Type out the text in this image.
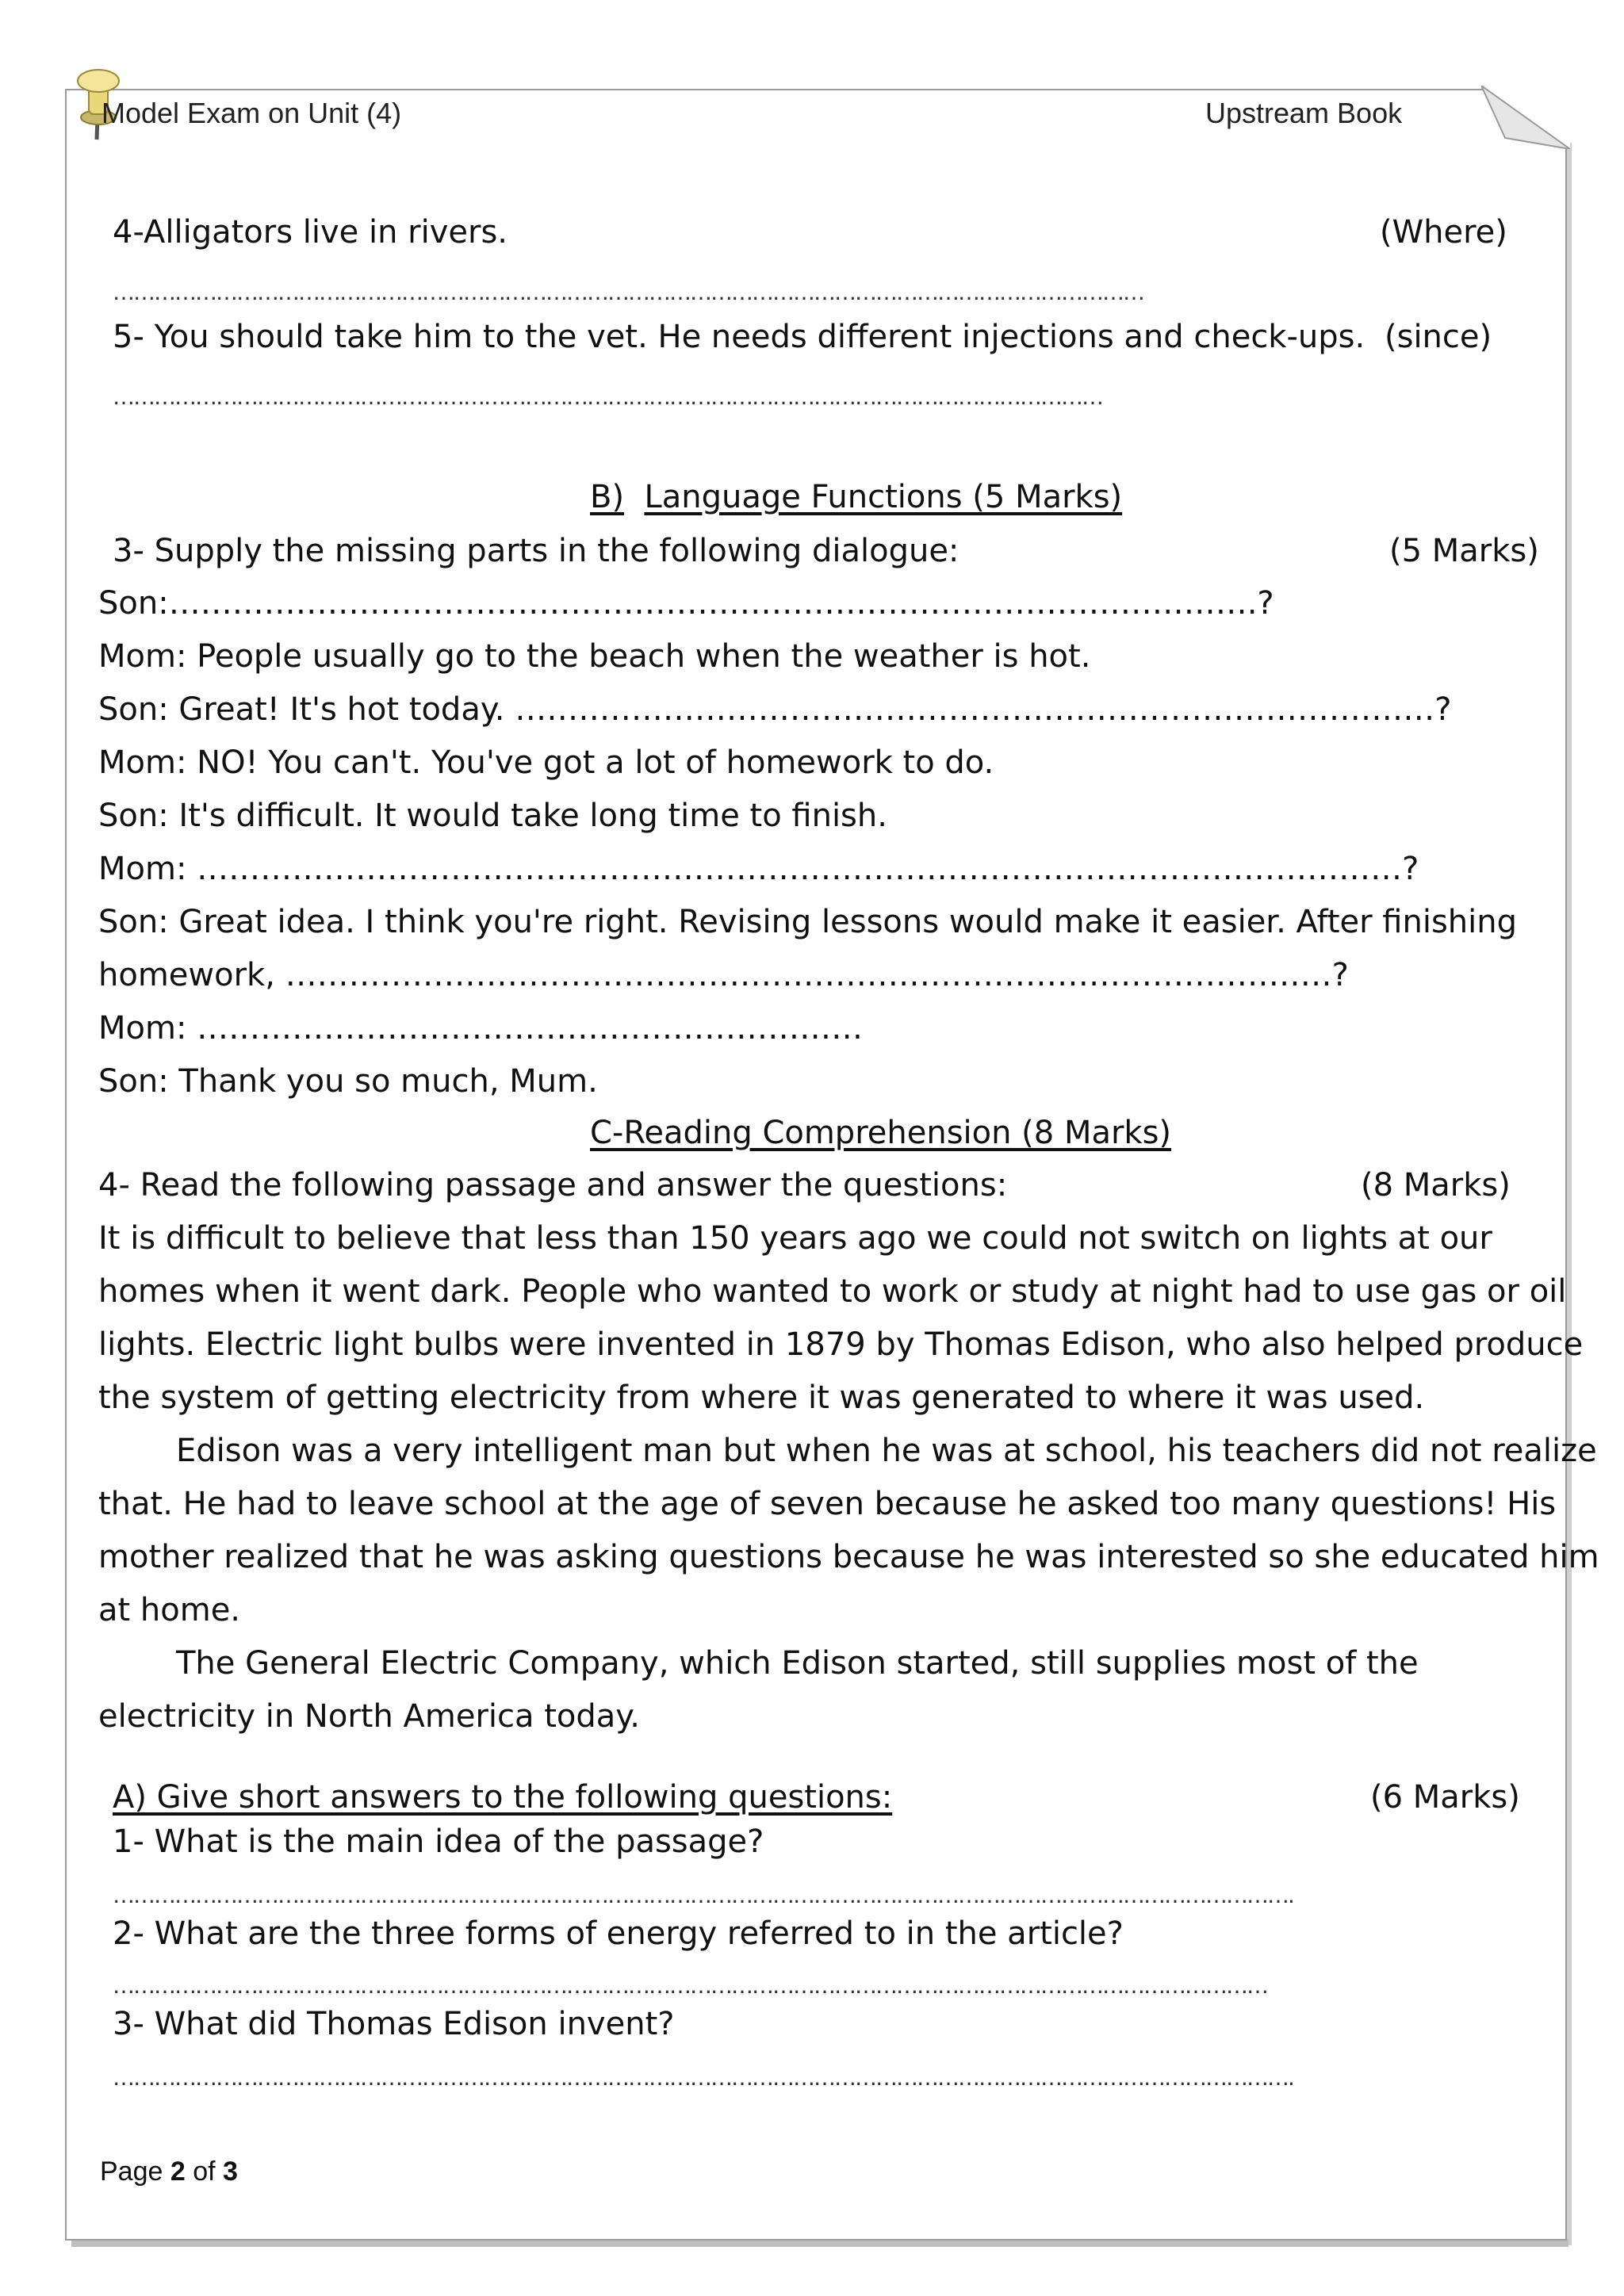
Model Exam on Unit (4)	Upstream Book
4-Alligators live in rivers.	(Where)
……………………………………………………………………………………………………………………………………
5- You should take him to the vet. He needs different injections and check-ups. (since)
………………………………………………………………………………………………………………………………
B) Language Functions (5 Marks)
3- Supply the missing parts in the following dialogue:	(5 Marks)
Son:………………………………………………………………………………………….?
Mom: People usually go to the beach when the weather is hot.
Son: Great! It's hot today. ……………………………………………………………………………?
Mom: NO! You can't. You've got a lot of homework to do.
Son: It's difficult. It would take long time to finish.
Mom: ……………………………………………………………………………………………………?
Son: Great idea. I think you're right. Revising lessons would make it easier. After finishing
homework, ………………………………………………………………………………………?
Mom: ………………………………………………………
Son: Thank you so much, Mum.
C-Reading Comprehension (8 Marks)
4- Read the following passage and answer the questions:	(8 Marks)
It is difficult to believe that less than 150 years ago we could not switch on lights at our
homes when it went dark. People who wanted to work or study at night had to use gas or oil
lights. Electric light bulbs were invented in 1879 by Thomas Edison, who also helped produce
the system of getting electricity from where it was generated to where it was used.
Edison was a very intelligent man but when he was at school, his teachers did not realize
that. He had to leave school at the age of seven because he asked too many questions! His
mother realized that he was asking questions because he was interested so she educated him
at home.
The General Electric Company, which Edison started, still supplies most of the
electricity in North America today.
A) Give short answers to the following questions:	(6 Marks)
1- What is the main idea of the passage?
……………………………………………………………………………………………………………………………………………………….
2- What are the three forms of energy referred to in the article?
……………………………………………………………………………………………………………………………………………………
3- What did Thomas Edison invent?
……………………………………………………………………………………………………………………………………………………….
Page 2 of 3
